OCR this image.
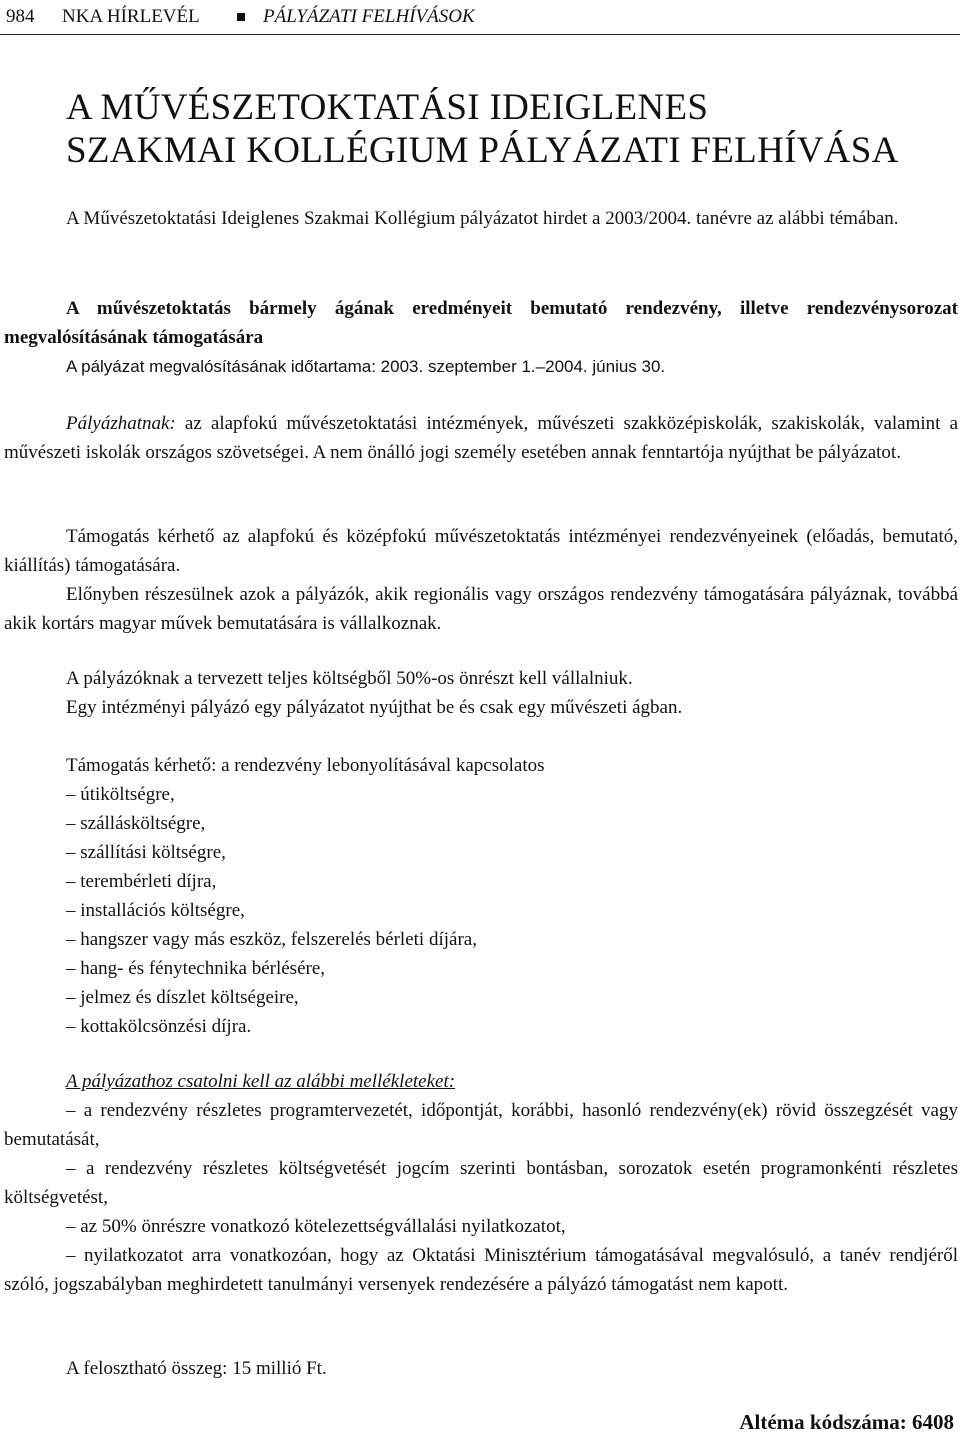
984 NKA HÍRLEVÉL	PÁLYÁZATI FELHÍVÁSOK
A MŰVÉSZETOKTATÁSI IDEIGLENES
SZAKMAI KOLLÉGIUM PÁLYÁZATI FELHÍVÁSA

A Művészetoktatási Ideiglenes Szakmai Kollégium pályázatot hirdet a 2003/2004. tanévre az alábbi témában.

A művészetoktatás bármely ágának eredményeit bemutató rendezvény, illetve rendezvénysorozat megvalósításának támogatására

A pályázat megvalósításának időtartama: 2003. szeptember 1.–2004. június 30.

Pályázhatnak: az alapfokú művészetoktatási intézmények, művészeti szakközépiskolák, szakiskolák, valamint a művészeti iskolák országos szövetségei. A nem önálló jogi személy esetében annak fenntartója nyújthat be pályázatot.

Támogatás kérhető az alapfokú és középfokú művészetoktatás intézményei rendezvényeinek (előadás, bemutató, kiállítás) támogatására.

Előnyben részesülnek azok a pályázók, akik regionális vagy országos rendezvény támogatására pályáznak, továbbá akik kortárs magyar művek bemutatására is vállalkoznak.

A pályázóknak a tervezett teljes költségből 50%-os önrészt kell vállalniuk.

Egy intézményi pályázó egy pályázatot nyújthat be és csak egy művészeti ágban.

Támogatás kérhető: a rendezvény lebonyolításával kapcsolatos

– útiköltségre,
– szállásköltségre,
– szállítási költségre,
– terembérleti díjra,
– installációs költségre,
– hangszer vagy más eszköz, felszerelés bérleti díjára,
– hang- és fénytechnika bérlésére,
– jelmez és díszlet költségeire,
– kottakölcsönzési díjra.

A pályázathoz csatolni kell az alábbi mellékleteket:

– a rendezvény részletes programtervezetét, időpontját, korábbi, hasonló rendezvény(ek) rövid összegzését vagy bemutatását,

– a rendezvény részletes költségvetését jogcím szerinti bontásban, sorozatok esetén programonkénti részletes költségvetést,

– az 50% önrészre vonatkozó kötelezettségvállalási nyilatkozatot,

– nyilatkozatot arra vonatkozóan, hogy az Oktatási Minisztérium támogatásával megvalósuló, a tanév rendjéről szóló, jogszabályban meghirdetett tanulmányi versenyek rendezésére a pályázó támogatást nem kapott.

A felosztható összeg: 15 millió Ft.

Altéma kódszáma: 6408
